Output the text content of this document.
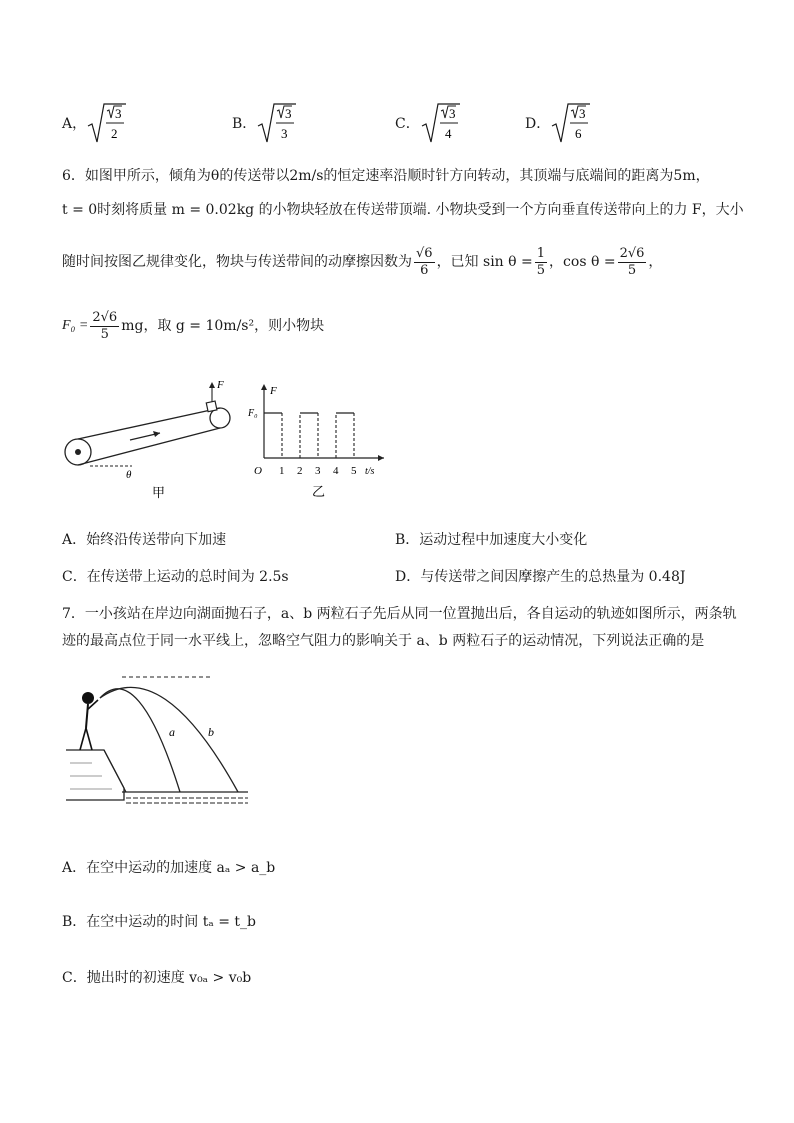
A，
3
2
B．
3
3
C．
3
4
D．
3
6
6．如图甲所示，倾角为θ的传送带以2m/s的恒定速率沿顺时针方向转动，其顶端与底端间的距离为5m，
t = 0时刻将质量 m = 0.02kg 的小物块轻放在传送带顶端. 小物块受到一个方向垂直传送带向上的力 F，大小
随时间按图乙规律变化，物块与传送带间的动摩擦因数为 $\frac{√6}{6}$ ，已知 $\sin \theta = \frac{1}{5}$ ，$\cos \theta = \frac{2√6}{5}$ ，
$F_0 = \frac{2√6}{5}$ mg，取 g = 10m/s²，则小物块
F
θ
甲
F
F₀
O 1 2 3 4 5 t/s
乙
A．始终沿传送带向下加速	B．运动过程中加速度大小变化
C．在传送带上运动的总时间为 2.5s	D．与传送带之间因摩擦产生的总热量为 0.48J
7．一小孩站在岸边向湖面抛石子，a、b 两粒石子先后从同一位置抛出后，各自运动的轨迹如图所示，两条轨
迹的最高点位于同一水平线上，忽略空气阻力的影响关于 a、b 两粒石子的运动情况，下列说法正确的是
a	b
A．在空中运动的加速度 aₐ > a_b
B．在空中运动的时间 tₐ = t_b
C．抛出时的初速度 v₀ₐ > v₀b
